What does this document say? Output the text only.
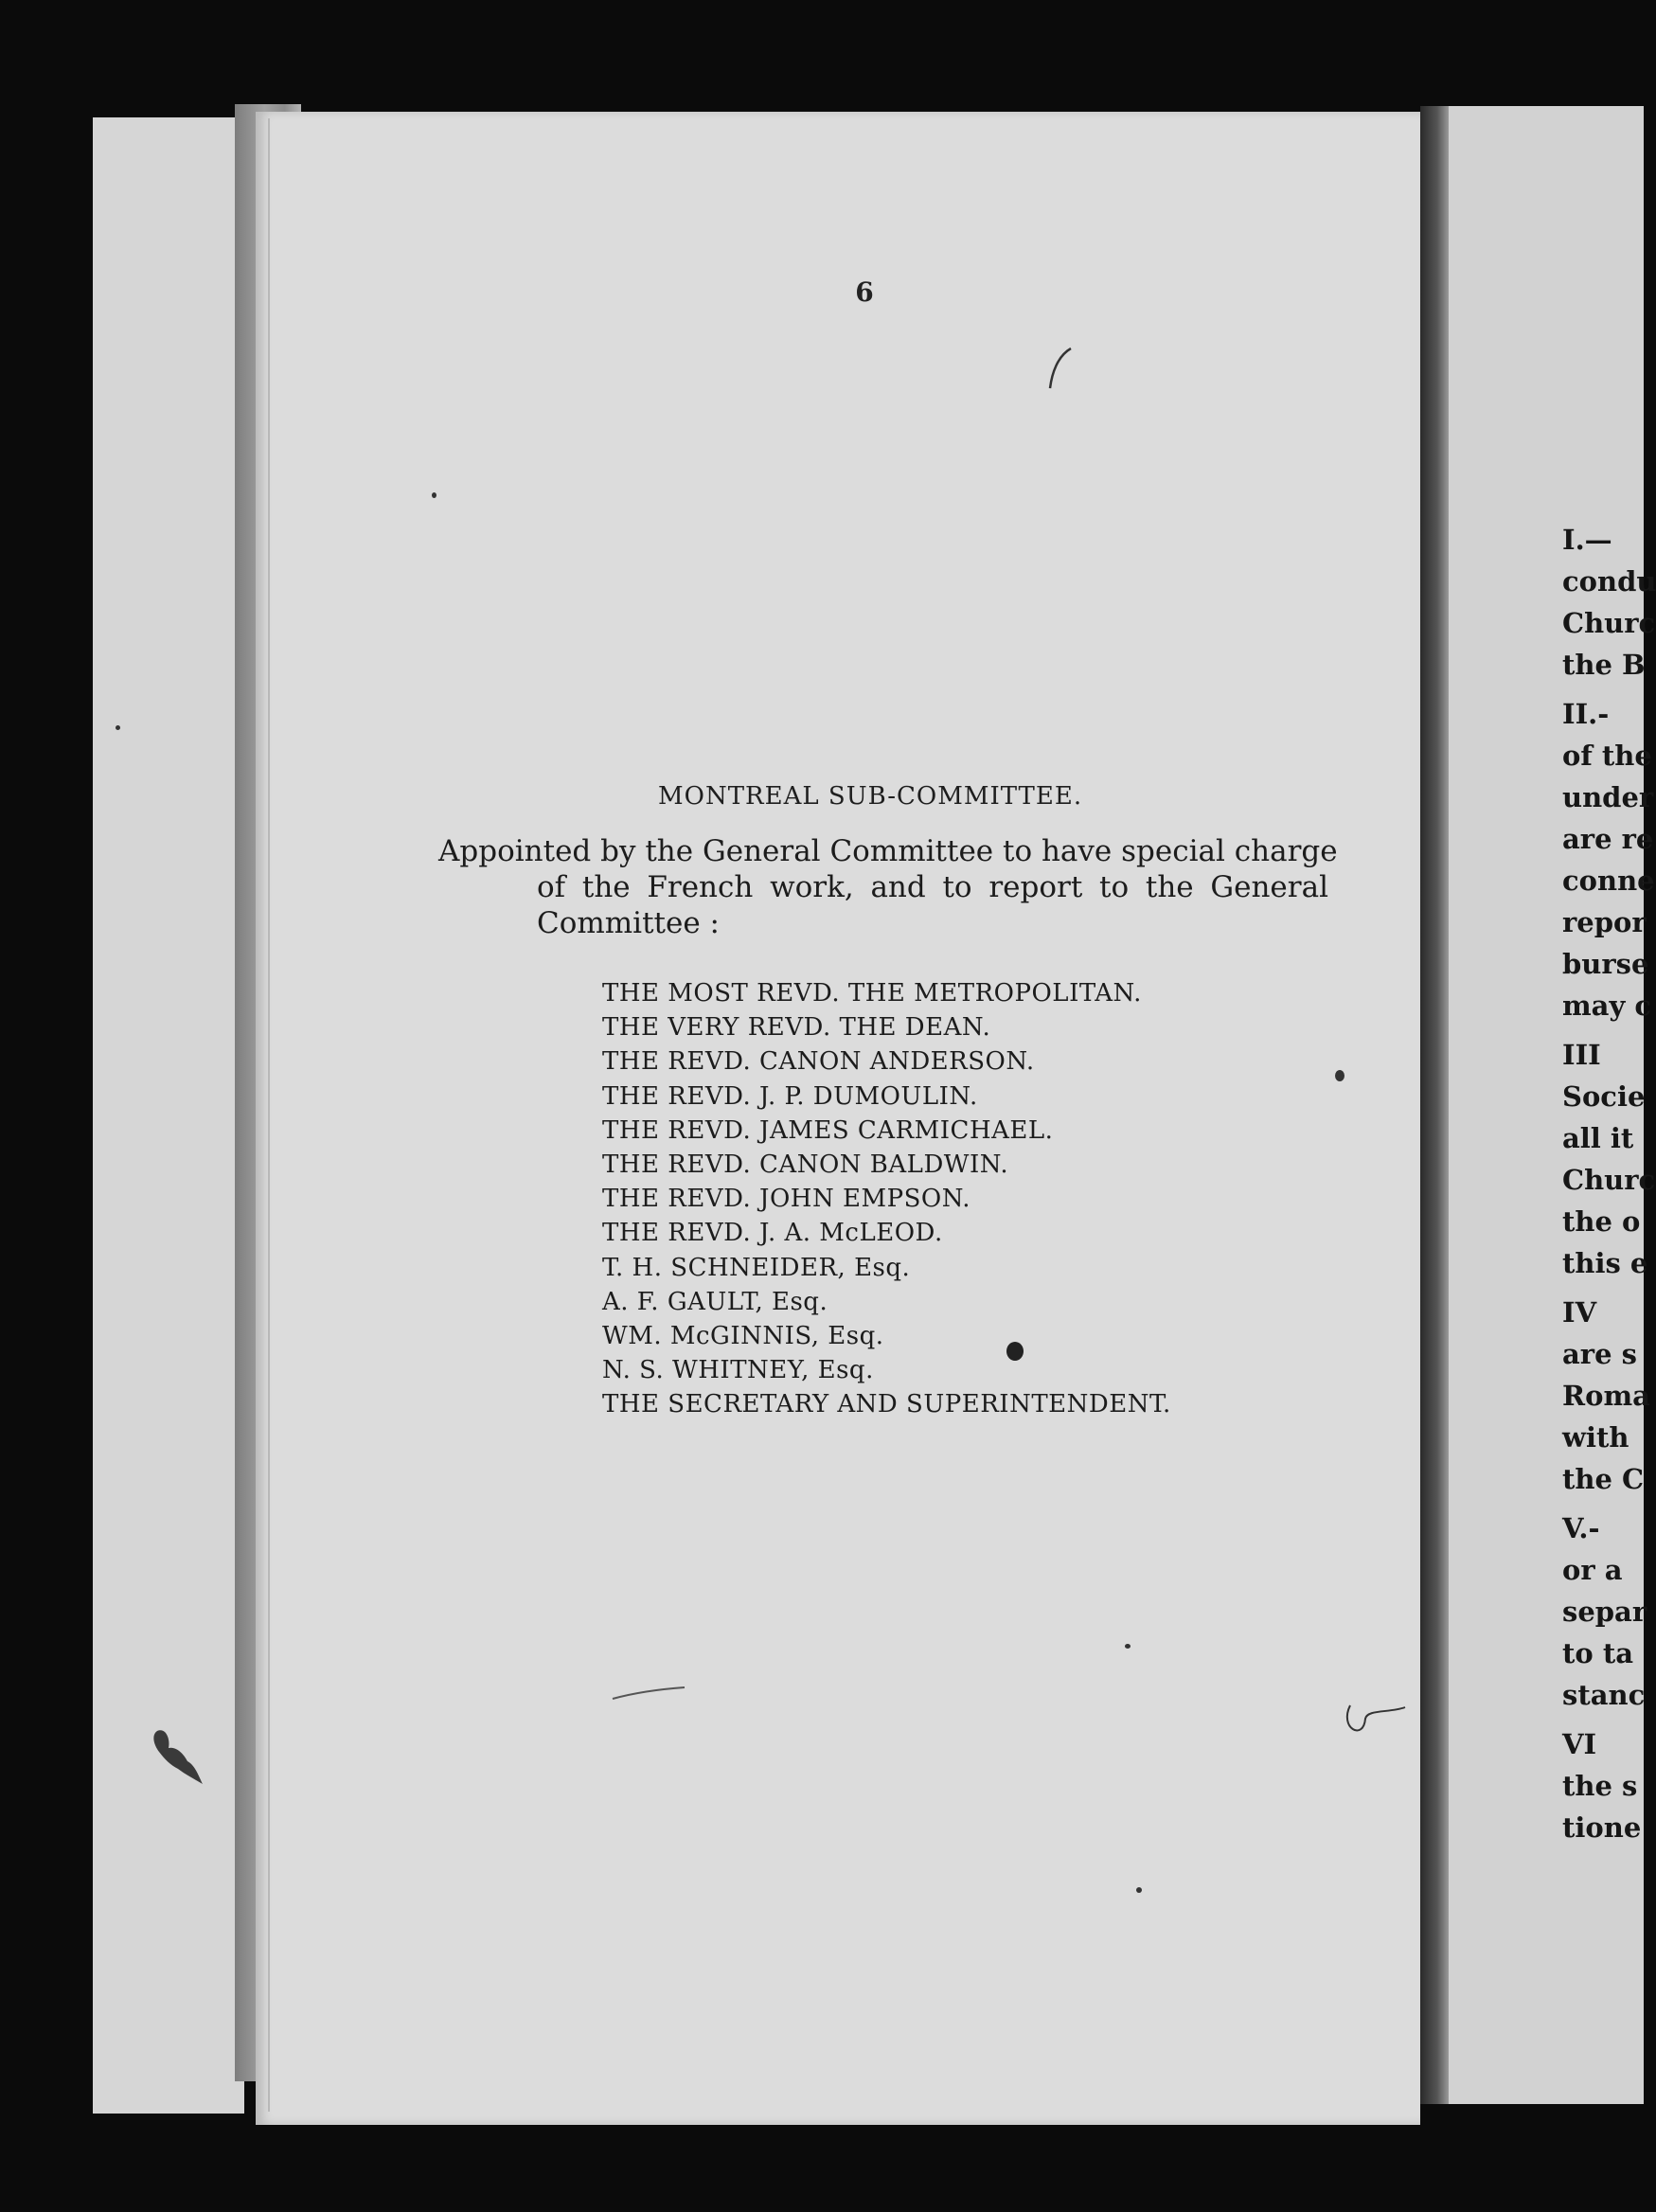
I.—
condu
Churc
the B
II.-
of the
under
are re
conne
repor
burse
may c
III
Socie
all it
Churc
the o
this e
IV
are s
Roma
with
the C
V.-
or a
separ
to ta
stanc
VI
the s
tione
6
MONTREAL SUB-COMMITTEE.
Appointed by the General Committee to have special charge
of the French work, and to report to the General
Committee :
THE MOST REVD. THE METROPOLITAN.
THE VERY REVD. THE DEAN.
THE REVD. CANON ANDERSON.
THE REVD. J. P. DUMOULIN.
THE REVD. JAMES CARMICHAEL.
THE REVD. CANON BALDWIN.
THE REVD. JOHN EMPSON.
THE REVD. J. A. McLEOD.
T. H. SCHNEIDER, Esq.
A. F. GAULT, Esq.
WM. McGINNIS, Esq.
N. S. WHITNEY, Esq.
THE SECRETARY AND SUPERINTENDENT.
